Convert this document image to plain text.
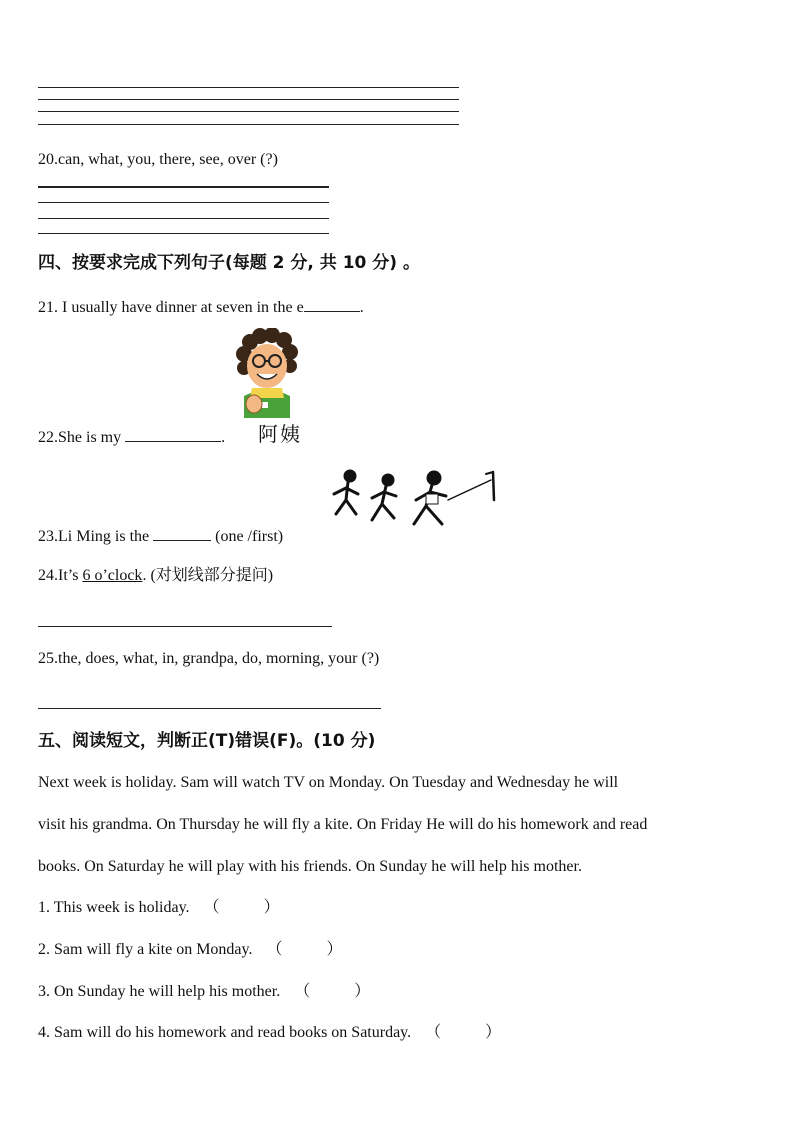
20.can, what, you, there, see, over (?)
四、按要求完成下列句子(每题 2 分, 共 10 分) 。
21. I usually have dinner at seven in the e	.
阿姨
22.She is my	.
23.Li Ming is the	(one /first)
24.It’s 6 o’clock. (对划线部分提问)
25.the, does, what, in, grandpa, do, morning, your (?)
五、阅读短文，判断正(T)错误(F)。(10 分)
Next week is holiday. Sam will watch TV on Monday. On Tuesday and Wednesday he will
visit his grandma. On Thursday he will fly a kite. On Friday He will do his homework and read
books. On Saturday he will play with his friends. On Sunday he will help his mother.
1. This week is holiday. （	）
2. Sam will fly a kite on Monday. （	）
3. On Sunday he will help his mother. （	）
4. Sam will do his homework and read books on Saturday. （	）
